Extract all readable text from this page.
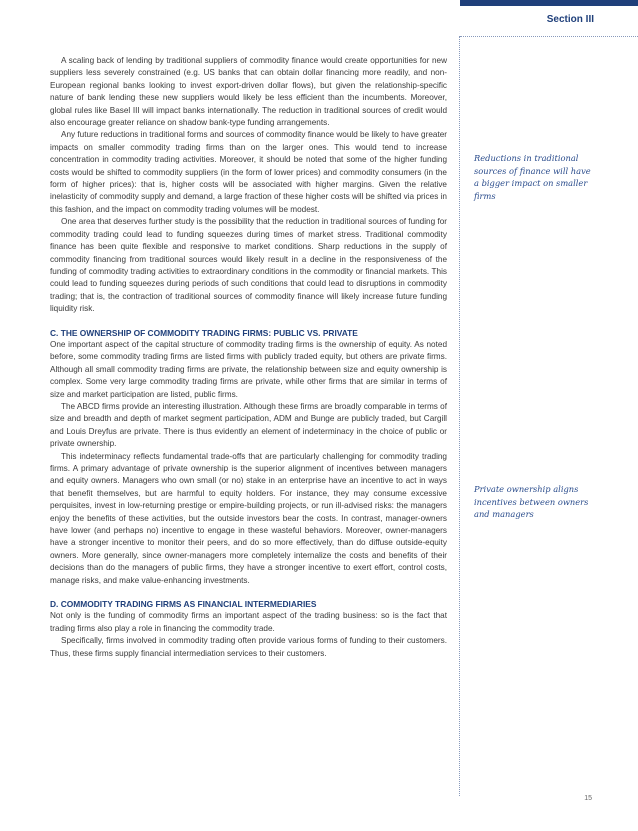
Section III

A scaling back of lending by traditional suppliers of commodity finance would create opportunities for new suppliers less severely constrained (e.g. US banks that can obtain dollar financing more readily, and non-European regional banks looking to invest export-driven dollar flows), but given the relationship-specific nature of bank lending these new suppliers would likely be less efficient than the incumbents. Moreover, global rules like Basel III will impact banks internationally. The reduction in traditional sources of credit would also encourage greater reliance on shadow bank-type funding arrangements.

Any future reductions in traditional forms and sources of commodity finance would be likely to have greater impacts on smaller commodity trading firms than on the larger ones. This would tend to increase concentration in commodity trading activities. Moreover, it should be noted that some of the higher funding costs would be shifted to commodity suppliers (in the form of lower prices) and commodity consumers (in the form of higher prices): that is, higher costs will be associated with higher margins. Given the relative inelasticity of commodity supply and demand, a large fraction of these higher costs will be shifted via prices in this fashion, and the impact on commodity trading volumes will be modest.

One area that deserves further study is the possibility that the reduction in traditional sources of funding for commodity trading could lead to funding squeezes during times of market stress. Traditional commodity finance has been quite flexible and responsive to market conditions. Sharp reductions in the supply of commodity financing from traditional sources would likely result in a decline in the responsiveness of the funding of commodity trading activities to extraordinary conditions in the commodity or financial markets. This could lead to funding squeezes during periods of such conditions that could lead to disruptions in commodity trading; that is, the contraction of traditional sources of commodity finance will likely increase future funding liquidity risk.

C. THE OWNERSHIP OF COMMODITY TRADING FIRMS: PUBLIC VS. PRIVATE

One important aspect of the capital structure of commodity trading firms is the ownership of equity. As noted before, some commodity trading firms are listed firms with publicly traded equity, but others are private firms. Although all small commodity trading firms are private, the relationship between size and equity ownership is complex. Some very large commodity trading firms are private, while other firms that are similar in terms of size and market participation are listed, public firms.

The ABCD firms provide an interesting illustration. Although these firms are broadly comparable in terms of size and breadth and depth of market segment participation, ADM and Bunge are publicly traded, but Cargill and Louis Dreyfus are private. There is thus evidently an element of indeterminacy in the choice of public or private ownership.

This indeterminacy reflects fundamental trade-offs that are particularly challenging for commodity trading firms. A primary advantage of private ownership is the superior alignment of incentives between managers and equity owners. Managers who own small (or no) stake in an enterprise have an incentive to act in ways that benefit themselves, but are harmful to equity holders. For instance, they may consume excessive perquisites, invest in low-returning prestige or empire-building projects, or run ill-advised risks: the managers enjoy the benefits of these activities, but the outside investors bear the costs. In contrast, manager-owners have lower (and perhaps no) incentive to engage in these wasteful behaviors. Moreover, owner-managers have a stronger incentive to monitor their peers, and do so more effectively, than do diffuse outside-equity owners. More generally, since owner-managers more completely internalize the costs and benefits of their decisions than do the managers of public firms, they have a stronger incentive to exert effort, control costs, manage risks, and make value-enhancing investments.

D. COMMODITY TRADING FIRMS AS FINANCIAL INTERMEDIARIES

Not only is the funding of commodity firms an important aspect of the trading business: so is the fact that trading firms also play a role in financing the commodity trade.

Specifically, firms involved in commodity trading often provide various forms of funding to their customers. Thus, these firms supply financial intermediation services to their customers.

Reductions in traditional sources of finance will have a bigger impact on smaller firms
Private ownership aligns incentives between owners and managers
15
